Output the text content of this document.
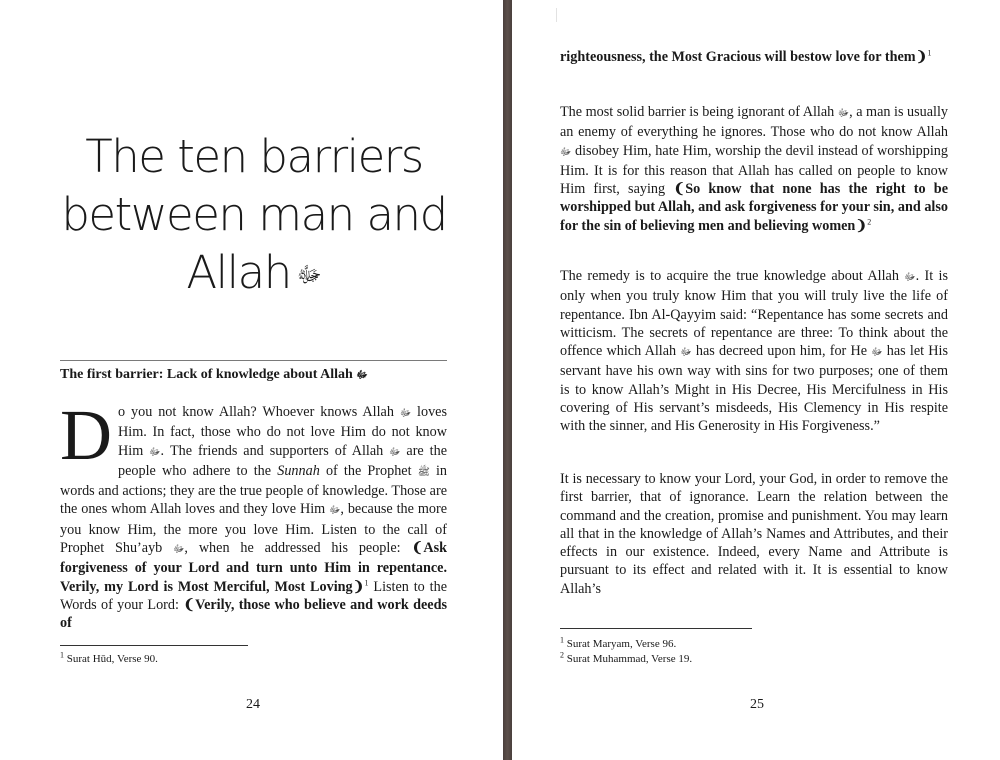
The ten barriers
between man and
Allah ﷻ
The first barrier: Lack of knowledge about Allah ﷻ

Do you not know Allah? Whoever knows Allah ﷻ loves Him. In fact, those who do not love Him do not know Him ﷻ. The friends and supporters of Allah ﷻ are the people who adhere to the Sunnah of the Prophet ﷺ in words and actions; they are the true people of knowledge. Those are the ones whom Allah loves and they love Him ﷻ, because the more you know Him, the more you love Him. Listen to the call of Prophet Shu’ayb ﷻ, when he addressed his people: ❨Ask forgiveness of your Lord and turn unto Him in repentance. Verily, my Lord is Most Merciful, Most Loving❩$^1$ Listen to the Words of your Lord: ❨Verily, those who believe and work deeds of

$^1$ Surat Hūd, Verse 90.
24

righteousness, the Most Gracious will bestow love for them❩$^1$

The most solid barrier is being ignorant of Allah ﷻ, a man is usually an enemy of everything he ignores. Those who do not know Allah ﷻ disobey Him, hate Him, worship the devil instead of worshipping Him. It is for this reason that Allah has called on people to know Him first, saying ❨So know that none has the right to be worshipped but Allah, and ask forgiveness for your sin, and also for the sin of believing men and believing women❩$^2$

The remedy is to acquire the true knowledge about Allah ﷻ. It is only when you truly know Him that you will truly live the life of repentance. Ibn Al-Qayyim said: “Repentance has some secrets and witticism. The secrets of repentance are three: To think about the offence which Allah ﷻ has decreed upon him, for He ﷻ has let His servant have his own way with sins for two purposes; one of them is to know Allah’s Might in His Decree, His Mercifulness in His covering of His servant’s misdeeds, His Clemency in His respite with the sinner, and His Generosity in His Forgiveness.”

It is necessary to know your Lord, your God, in order to remove the first barrier, that of ignorance. Learn the relation between the command and the creation, promise and punishment. You may learn all that in the knowledge of Allah’s Names and Attributes, and their effects in our existence. Indeed, every Name and Attribute is pursuant to its effect and related with it. It is essential to know Allah’s

$^1$ Surat Maryam, Verse 96.
$^2$ Surat Muhammad, Verse 19.
25
